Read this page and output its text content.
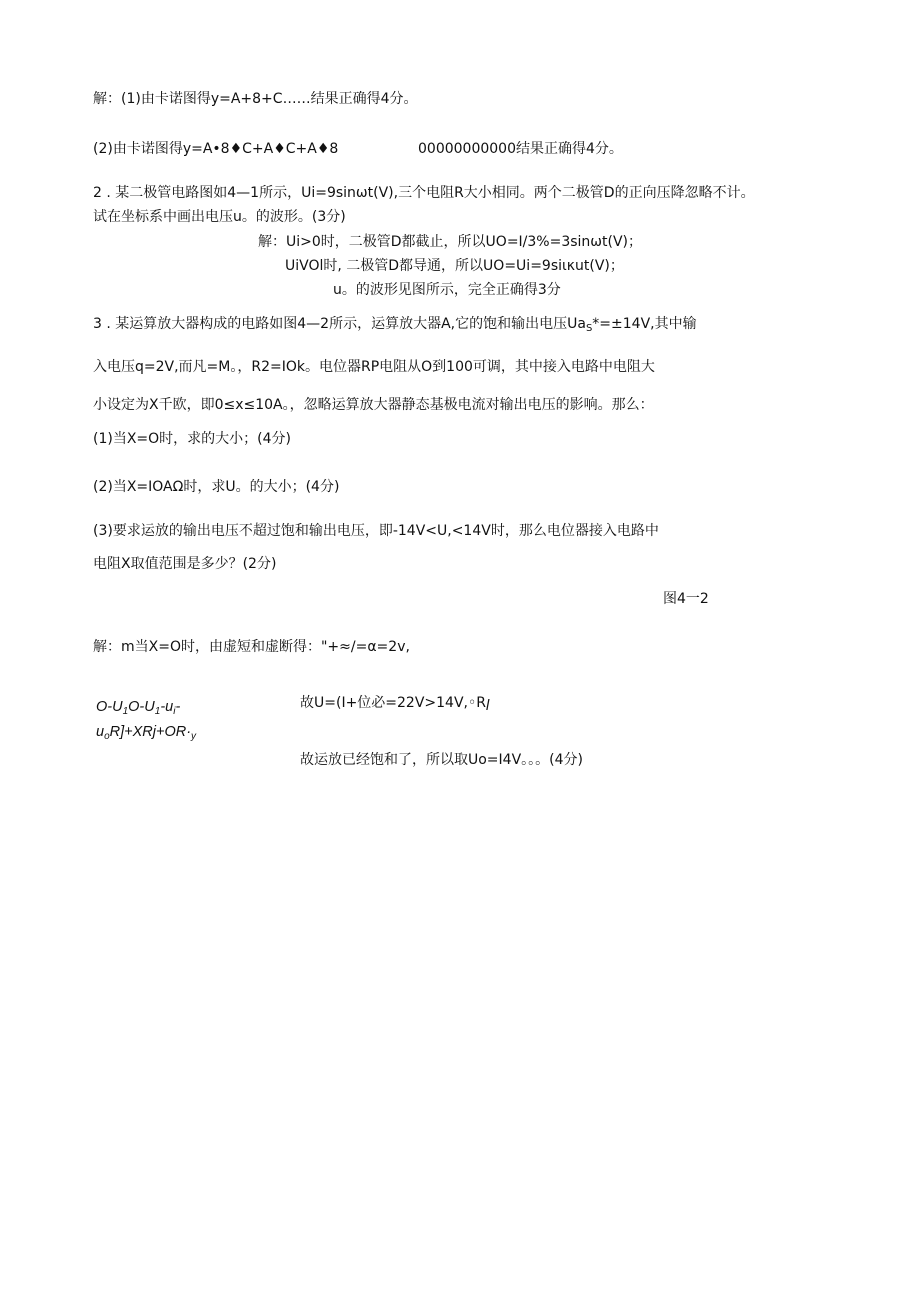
解：(1)由卡诺图得y=A+8+C……结果正确得4分。
(2)由卡诺图得y=A•8♦C+A♦C+A♦8	00000000000结果正确得4分。
2 . 某二极管电路图如4—1所示，Ui=9sinωt(V),三个电阻R大小相同。两个二极管D的正向压降忽略不计。
试在坐标系中画出电压u。的波形。(3分)
解：Ui>0时，二极管D都截止，所以UO=I/3%=3sinωt(V)；
UiVOl时, 二极管D都导通，所以UO=Ui=9siικut(V)；
u。的波形见图所示，完全正确得3分
3 . 某运算放大器构成的电路如图4—2所示，运算放大器A,它的饱和输出电压$Ua_S*=\pm 14V$,其中输
入电压q=2V,而凡=M。，R2=IOk。电位器RP电阻从O到100可调，其中接入电路中电阻大
小设定为X千欧，即0≤x≤10A。，忽略运算放大器静态基极电流对输出电压的影响。那么：
(1)当X=O时，求的大小；(4分)
(2)当X=IOAΩ时，求U。的大小；(4分)
(3)要求运放的输出电压不超过饱和输出电压，即-14V<U,<14V时，那么电位器接入电路中
电阻X取值范围是多少？(2分)
图4一2
解：m当X=O时，由虚短和虚断得："+≈/=α=2v,
$O-U_1O-U_1-u_i-$
$u_oR]+XRj+OR\cdot_y$
故U=(I+位必$=22V>14V,◦R_l$
故运放已经饱和了，所以取Uo=I4V。。。(4分)
